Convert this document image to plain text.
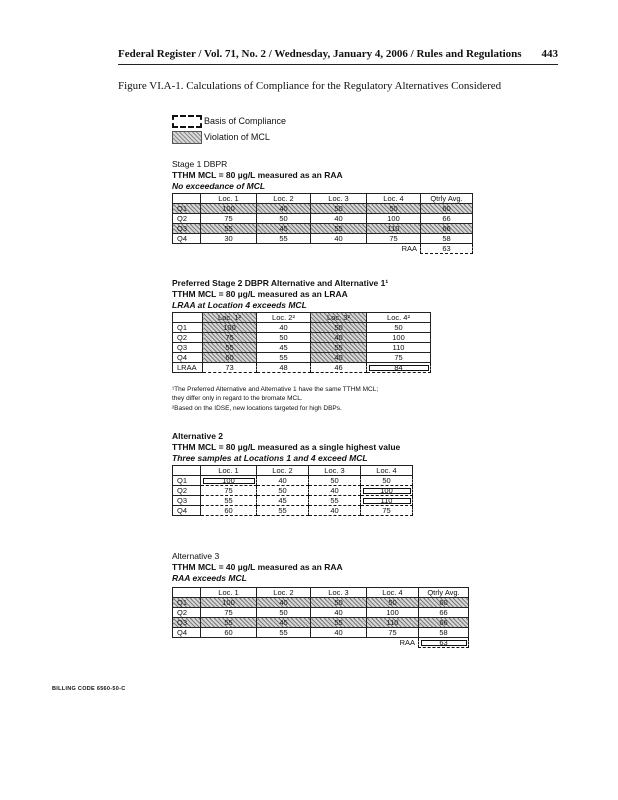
Federal Register / Vol. 71, No. 2 / Wednesday, January 4, 2006 / Rules and Regulations 443
Figure VI.A-1. Calculations of Compliance for the Regulatory Alternatives Considered
Basis of Compliance
Violation of MCL
Stage 1 DBPR
TTHM MCL = 80 µg/L measured as an RAA
No exceedance of MCL
	Loc. 1	Loc. 2	Loc. 3	Loc. 4	Qtrly Avg.
Q1	100	40	50	50	60
Q2	75	50	40	100	66
Q3	55	45	55	110	66
Q4	30	55	40	75	58
				RAA	63
Preferred Stage 2 DBPR Alternative and Alternative 1¹
TTHM MCL = 80 µg/L measured as an LRAA
LRAA at Location 4 exceeds MCL
	Loc. 1²	Loc. 2²	Loc. 3²	Loc. 4²
Q1	100	40	50	50
Q2	75	50	40	100
Q3	55	45	55	110
Q4	60	55	40	75
LRAA	73	48	46	84
¹The Preferred Alternative and Alternative 1 have the same TTHM MCL;
they differ only in regard to the bromate MCL.
²Based on the IDSE, new locations targeted for high DBPs.
Alternative 2
TTHM MCL = 80 µg/L measured as a single highest value
Three samples at Locations 1 and 4 exceed MCL
	Loc. 1	Loc. 2	Loc. 3	Loc. 4
Q1	100	40	50	50
Q2	75	50	40	100
Q3	55	45	55	110
Q4	60	55	40	75
Alternative 3
TTHM MCL = 40 µg/L measured as an RAA
RAA exceeds MCL
	Loc. 1	Loc. 2	Loc. 3	Loc. 4	Qtrly Avg.
Q1	100	40	50	50	60
Q2	75	50	40	100	66
Q3	55	45	55	110	66
Q4	60	55	40	75	58
				RAA	63
BILLING CODE 6560-50-C
